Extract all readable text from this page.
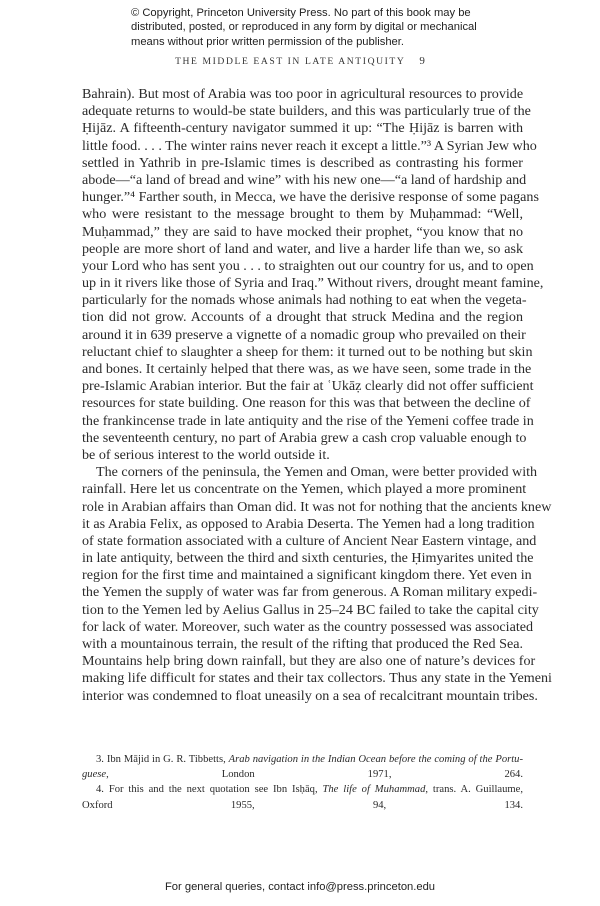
© Copyright, Princeton University Press. No part of this book may be
distributed, posted, or reproduced in any form by digital or mechanical
means without prior written permission of the publisher.
THE MIDDLE EAST IN LATE ANTIQUITY 9
Bahrain). But most of Arabia was too poor in agricultural resources to provide
adequate returns to would-be state builders, and this was particularly true of the
Ḥijāz. A fifteenth-century navigator summed it up: “The Ḥijāz is barren with
little food. . . . The winter rains never reach it except a little.”³ A Syrian Jew who
settled in Yathrib in pre-Islamic times is described as contrasting his former
abode—“a land of bread and wine” with his new one—“a land of hardship and
hunger.”⁴ Farther south, in Mecca, we have the derisive response of some pagans
who were resistant to the message brought to them by Muḥammad: “Well,
Muḥammad,” they are said to have mocked their prophet, “you know that no
people are more short of land and water, and live a harder life than we, so ask
your Lord who has sent you . . . to straighten out our country for us, and to open
up in it rivers like those of Syria and Iraq.” Without rivers, drought meant famine,
particularly for the nomads whose animals had nothing to eat when the vegeta-
tion did not grow. Accounts of a drought that struck Medina and the region
around it in 639 preserve a vignette of a nomadic group who prevailed on their
reluctant chief to slaughter a sheep for them: it turned out to be nothing but skin
and bones. It certainly helped that there was, as we have seen, some trade in the
pre-Islamic Arabian interior. But the fair at ʿUkāẓ clearly did not offer sufficient
resources for state building. One reason for this was that between the decline of
the frankincense trade in late antiquity and the rise of the Yemeni coffee trade in
the seventeenth century, no part of Arabia grew a cash crop valuable enough to
be of serious interest to the world outside it.
The corners of the peninsula, the Yemen and Oman, were better provided with
rainfall. Here let us concentrate on the Yemen, which played a more prominent
role in Arabian affairs than Oman did. It was not for nothing that the ancients knew
it as Arabia Felix, as opposed to Arabia Deserta. The Yemen had a long tradition
of state formation associated with a culture of Ancient Near Eastern vintage, and
in late antiquity, between the third and sixth centuries, the Ḥimyarites united the
region for the first time and maintained a significant kingdom there. Yet even in
the Yemen the supply of water was far from generous. A Roman military expedi-
tion to the Yemen led by Aelius Gallus in 25–24 BC failed to take the capital city
for lack of water. Moreover, such water as the country possessed was associated
with a mountainous terrain, the result of the rifting that produced the Red Sea.
Mountains help bring down rainfall, but they are also one of nature’s devices for
making life difficult for states and their tax collectors. Thus any state in the Yemeni
interior was condemned to float uneasily on a sea of recalcitrant mountain tribes.
3. Ibn Mājid in G. R. Tibbetts, Arab navigation in the Indian Ocean before the coming of the Portu-
guese, London 1971, 264.
4. For this and the next quotation see Ibn Isḥāq, The life of Muhammad, trans. A. Guillaume,
Oxford 1955, 94, 134.
For general queries, contact info@press.princeton.edu
